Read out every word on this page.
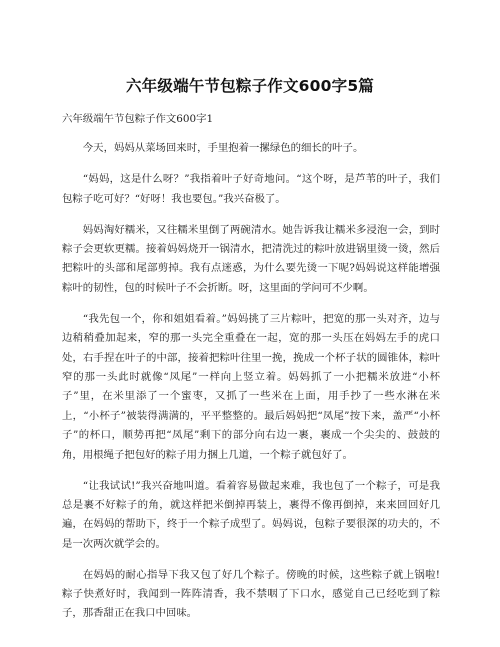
六年级端午节包粽子作文600字5篇

六年级端午节包粽子作文600字1

今天，妈妈从菜场回来时，手里抱着一摞绿色的细长的叶子。

“妈妈，这是什么呀？”我指着叶子好奇地问。“这个呀，是芦苇的叶子，我们包粽子吃可好？“好呀！我也要包。”我兴奋极了。

妈妈淘好糯米，又往糯米里倒了两碗清水。她告诉我让糯米多浸泡一会，到时粽子会更软更糯。接着妈妈烧开一锅清水，把清洗过的粽叶放进锅里烫一烫，然后把粽叶的头部和尾部剪掉。我有点迷惑，为什么要先烫一下呢?妈妈说这样能增强粽叶的韧性，包的时候叶子不会折断。呀，这里面的学问可不少啊。

“我先包一个，你和姐姐看着。”妈妈挑了三片粽叶，把宽的那一头对齐，边与边稍稍叠加起来，窄的那一头完全重叠在一起，宽的那一头压在妈妈左手的虎口处，右手捏在叶子的中部，接着把粽叶往里一挽，挽成一个杯子状的圆锥体，粽叶窄的那一头此时就像“凤尾”一样向上竖立着。妈妈抓了一小把糯米放进“小杯子”里，在米里添了一个蜜枣，又抓了一些米在上面，用手抄了一些水淋在米上，“小杯子”被装得满满的，平平整整的。最后妈妈把“凤尾”按下来，盖严“小杯子”的杯口，顺势再把“凤尾”剩下的部分向右边一裹，裹成一个尖尖的、鼓鼓的角，用根绳子把包好的粽子用力捆上几道，一个粽子就包好了。

“让我试试!”我兴奋地叫道。看着容易做起来难，我也包了一个粽子，可是我总是裹不好粽子的角，就这样把米倒掉再装上，裹得不像再倒掉，来来回回好几遍，在妈妈的帮助下，终于一个粽子成型了。妈妈说，包粽子要很深的功夫的，不是一次两次就学会的。

在妈妈的耐心指导下我又包了好几个粽子。傍晚的时候，这些粽子就上锅啦!粽子快煮好时，我闻到一阵阵清香，我不禁咽了下口水，感觉自己已经吃到了粽子，那香甜正在我口中回味。
